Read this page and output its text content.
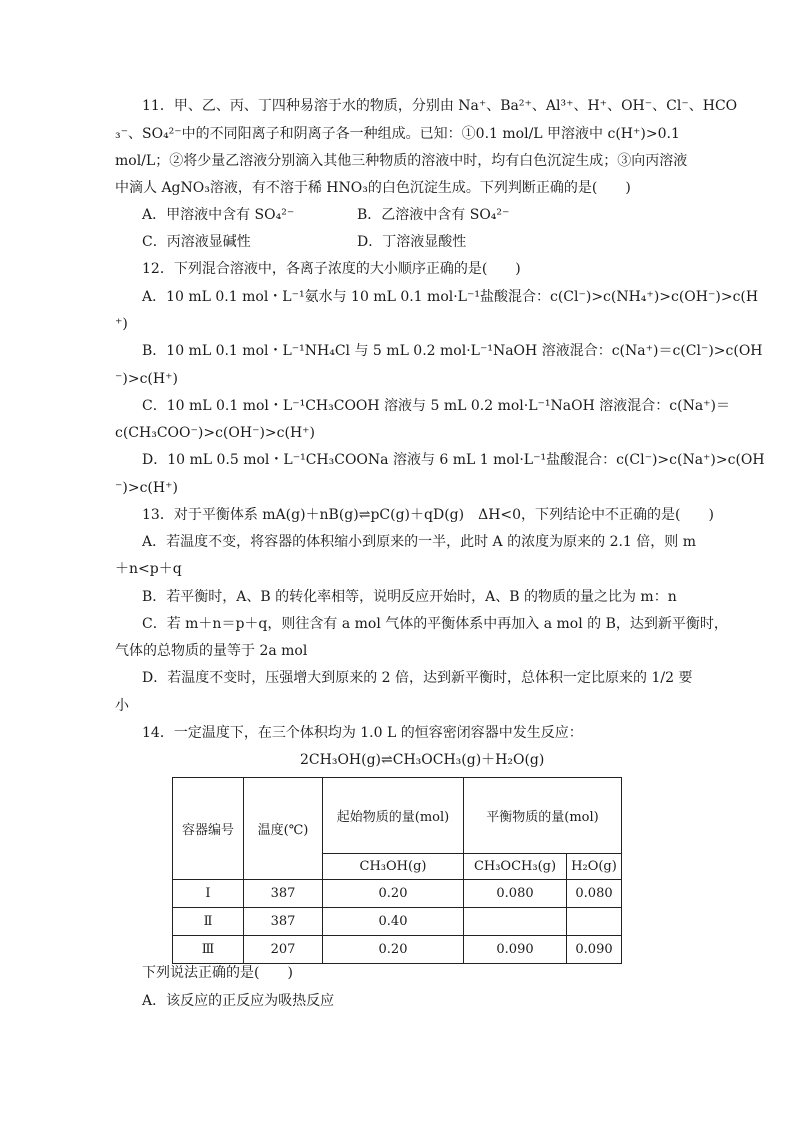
11．甲、乙、丙、丁四种易溶于水的物质，分别由 Na⁺、Ba²⁺、Al³⁺、H⁺、OH⁻、Cl⁻、HCO
₃⁻、SO₄²⁻中的不同阳离子和阴离子各一种组成。已知：①0.1 mol/L 甲溶液中 c(H⁺)>0.1
mol/L；②将少量乙溶液分别滴入其他三种物质的溶液中时，均有白色沉淀生成；③向丙溶液
中滴人 AgNO₃溶液，有不溶于稀 HNO₃的白色沉淀生成。下列判断正确的是(　　)
A．甲溶液中含有 SO₄²⁻	B．乙溶液中含有 SO₄²⁻
C．丙溶液显碱性	D．丁溶液显酸性
12．下列混合溶液中，各离子浓度的大小顺序正确的是(　　)
A．10 mL 0.1 mol・L⁻¹氨水与 10 mL 0.1 mol·L⁻¹盐酸混合：c(Cl⁻)>c(NH₄⁺)>c(OH⁻)>c(H
⁺)
B．10 mL 0.1 mol・L⁻¹NH₄Cl 与 5 mL 0.2 mol·L⁻¹NaOH 溶液混合：c(Na⁺)＝c(Cl⁻)>c(OH
⁻)>c(H⁺)
C．10 mL 0.1 mol・L⁻¹CH₃COOH 溶液与 5 mL 0.2 mol·L⁻¹NaOH 溶液混合：c(Na⁺)＝
c(CH₃COO⁻)>c(OH⁻)>c(H⁺)
D．10 mL 0.5 mol・L⁻¹CH₃COONa 溶液与 6 mL 1 mol·L⁻¹盐酸混合：c(Cl⁻)>c(Na⁺)>c(OH
⁻)>c(H⁺)
13．对于平衡体系 mA(g)＋nB(g)⇌pC(g)＋qD(g)　ΔH<0，下列结论中不正确的是(　　)
A．若温度不变，将容器的体积缩小到原来的一半，此时 A 的浓度为原来的 2.1 倍，则 m
＋n<p＋q
B．若平衡时，A、B 的转化率相等，说明反应开始时，A、B 的物质的量之比为 m：n
C．若 m＋n＝p＋q，则往含有 a mol 气体的平衡体系中再加入 a mol 的 B，达到新平衡时，
气体的总物质的量等于 2a mol
D．若温度不变时，压强增大到原来的 2 倍，达到新平衡时，总体积一定比原来的 1/2 要
小
14．一定温度下，在三个体积均为 1.0 L 的恒容密闭容器中发生反应：
2CH₃OH(g)⇌CH₃OCH₃(g)＋H₂O(g)
容器编号	温度(℃)	起始物质的量(mol)	平衡物质的量(mol)	
		CH₃OH(g)	CH₃OCH₃(g)	H₂O(g)
Ⅰ	387	0.20	0.080	0.080
Ⅱ	387	0.40		
Ⅲ	207	0.20	0.090	0.090
下列说法正确的是(　　)
A．该反应的正反应为吸热反应
